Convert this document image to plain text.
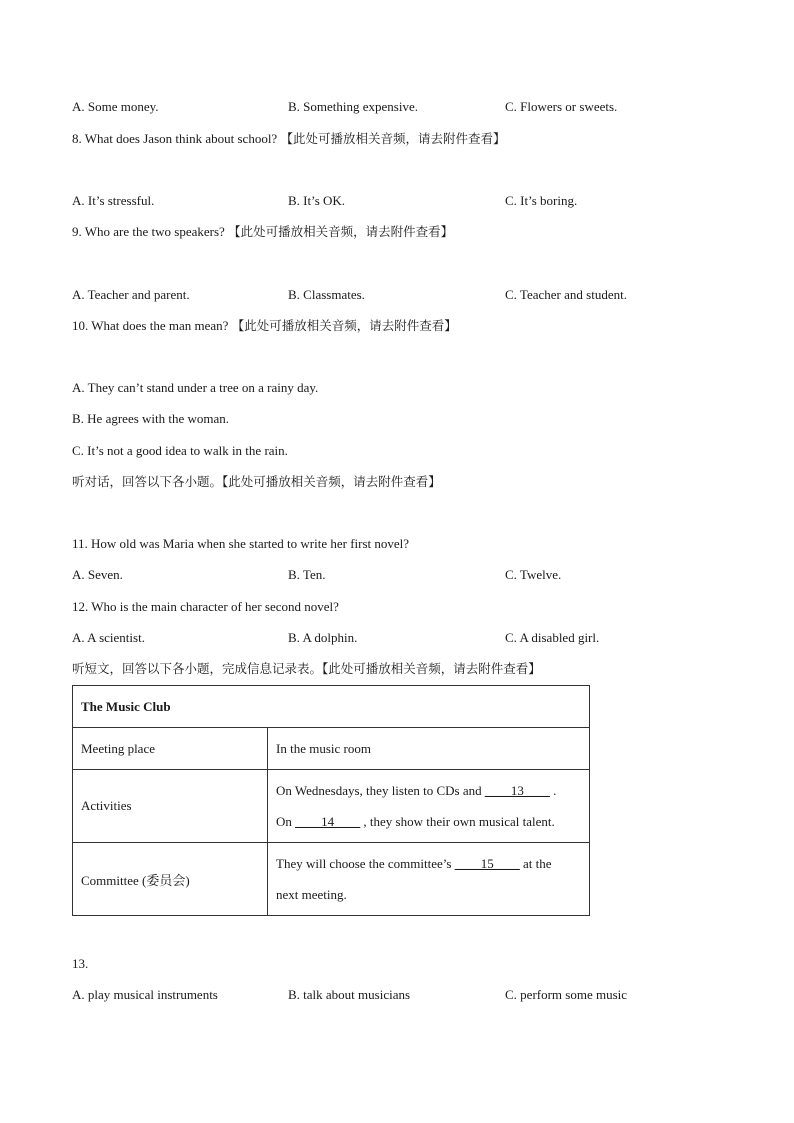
A. Some money.	B. Something expensive.	C. Flowers or sweets.
8. What does Jason think about school? 【此处可播放相关音频，请去附件查看】
A. It’s stressful.	B. It’s OK.	C. It’s boring.
9. Who are the two speakers? 【此处可播放相关音频，请去附件查看】
A. Teacher and parent.	B. Classmates.	C. Teacher and student.
10. What does the man mean? 【此处可播放相关音频，请去附件查看】
A. They can’t stand under a tree on a rainy day.
B. He agrees with the woman.
C. It’s not a good idea to walk in the rain.
听对话，回答以下各小题。【此处可播放相关音频，请去附件查看】
11. How old was Maria when she started to write her first novel?
A. Seven.	B. Ten.	C. Twelve.
12. Who is the main character of her second novel?
A. A scientist.	B. A dolphin.	C. A disabled girl.
听短文，回答以下各小题，完成信息记录表。【此处可播放相关音频，请去附件查看】
The Music Club	
Meeting place	In the music room
Activities	On Wednesdays, they listen to CDs and ____13____ .
On ____14____ , they show their own musical talent.

Committee (委员会)	They will choose the committee’s ____15____ at the
next meeting.
13.
A. play musical instruments	B. talk about musicians	C. perform some music
